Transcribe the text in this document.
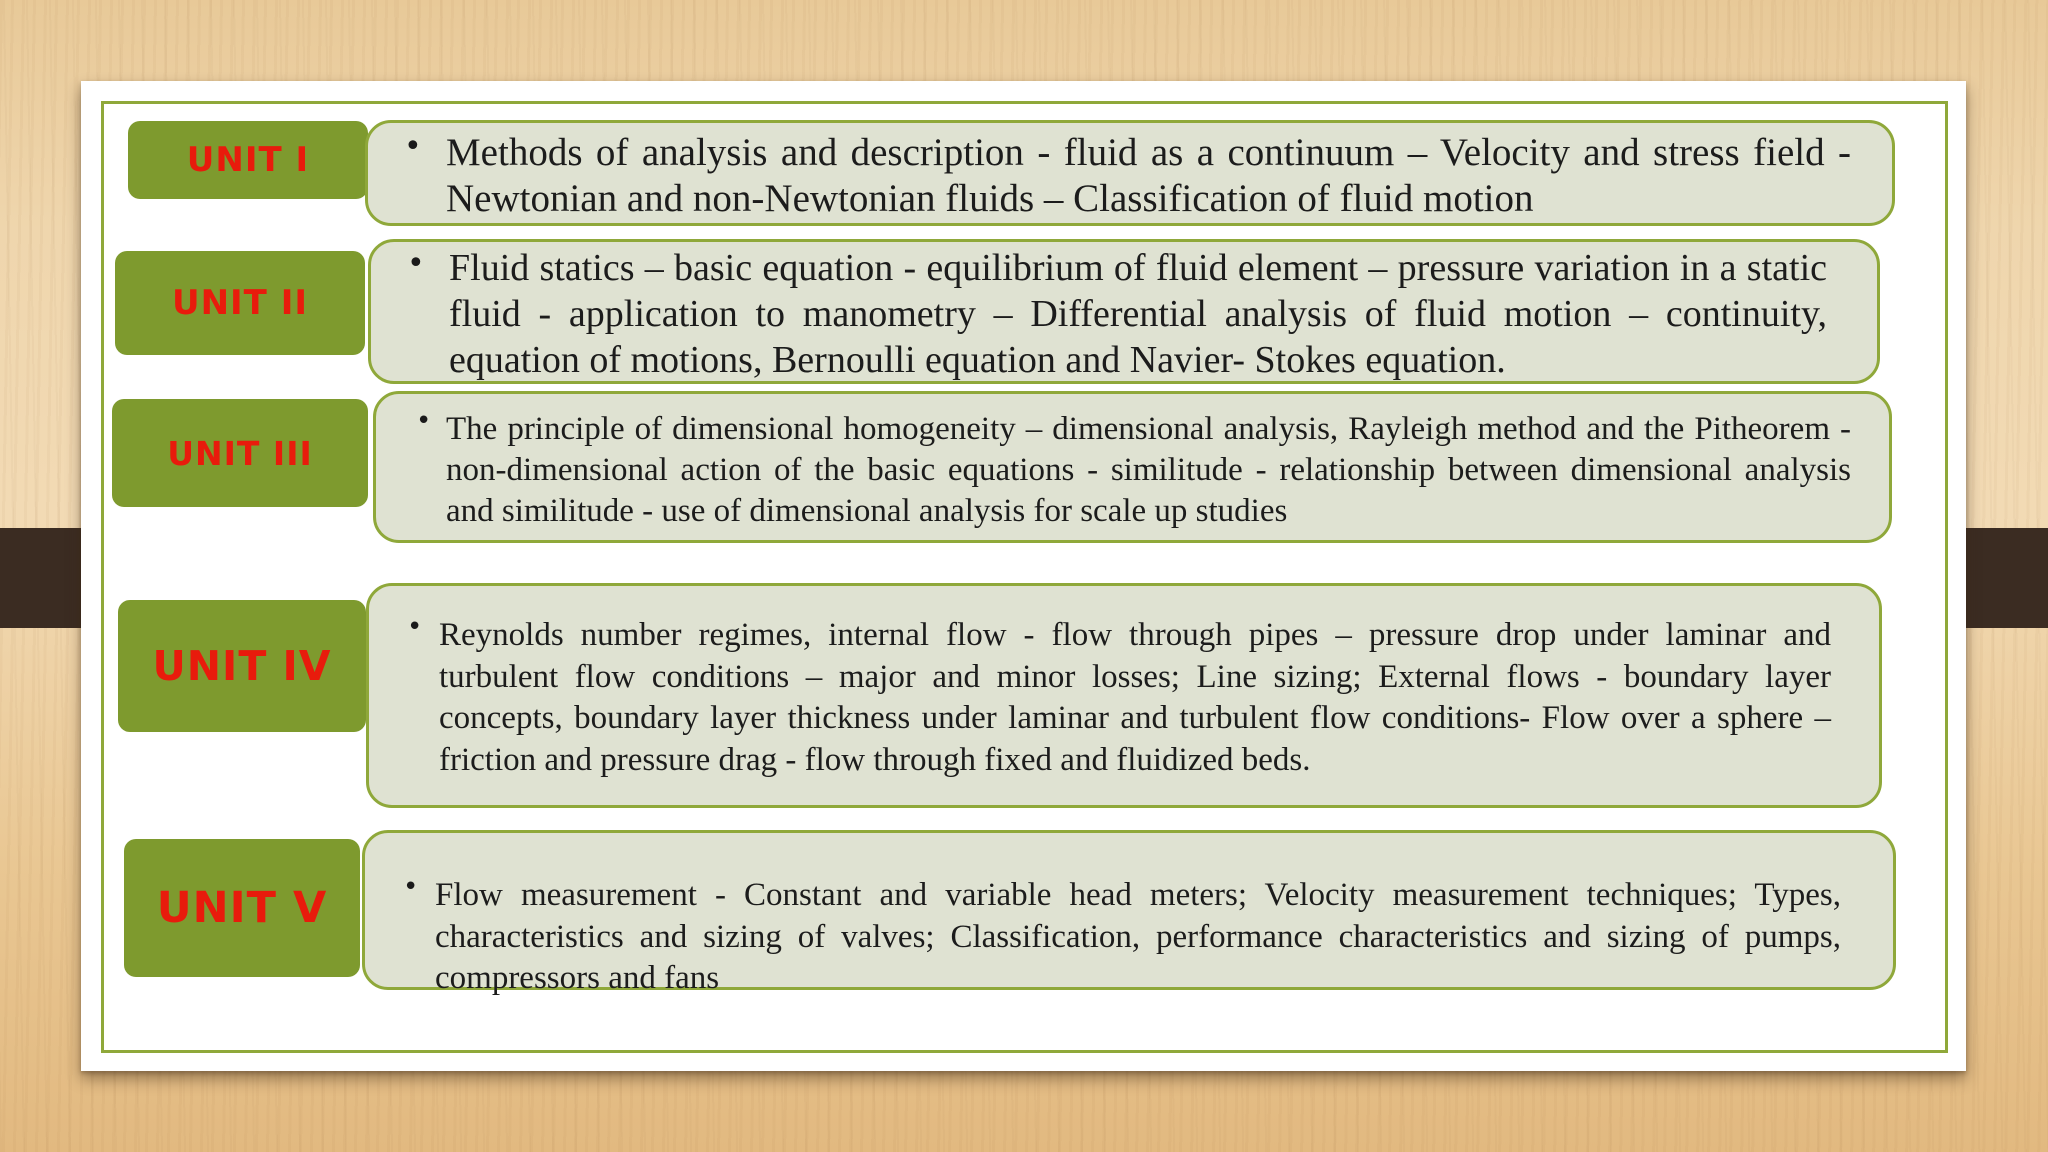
UNIT I	• Methods of analysis and description - fluid as a continuum – Velocity and stress field - Newtonian and non-Newtonian fluids – Classification of fluid motion
UNIT II
• Fluid statics – basic equation - equilibrium of fluid element – pressure variation in a static fluid - application to manometry – Differential analysis of fluid motion – continuity, equation of motions, Bernoulli equation and Navier- Stokes equation.
UNIT III
• The principle of dimensional homogeneity – dimensional analysis, Rayleigh method and the Pitheorem - non-dimensional action of the basic equations - similitude - relationship between dimensional analysis and similitude - use of dimensional analysis for scale up studies
UNIT IV
• Reynolds number regimes, internal flow - flow through pipes – pressure drop under laminar and turbulent flow conditions – major and minor losses; Line sizing; External flows - boundary layer concepts, boundary layer thickness under laminar and turbulent flow conditions- Flow over a sphere – friction and pressure drag - flow through fixed and fluidized beds.
UNIT V	• Flow measurement - Constant and variable head meters; Velocity measurement techniques; Types, characteristics and sizing of valves; Classification, performance characteristics and sizing of pumps, compressors and fans
